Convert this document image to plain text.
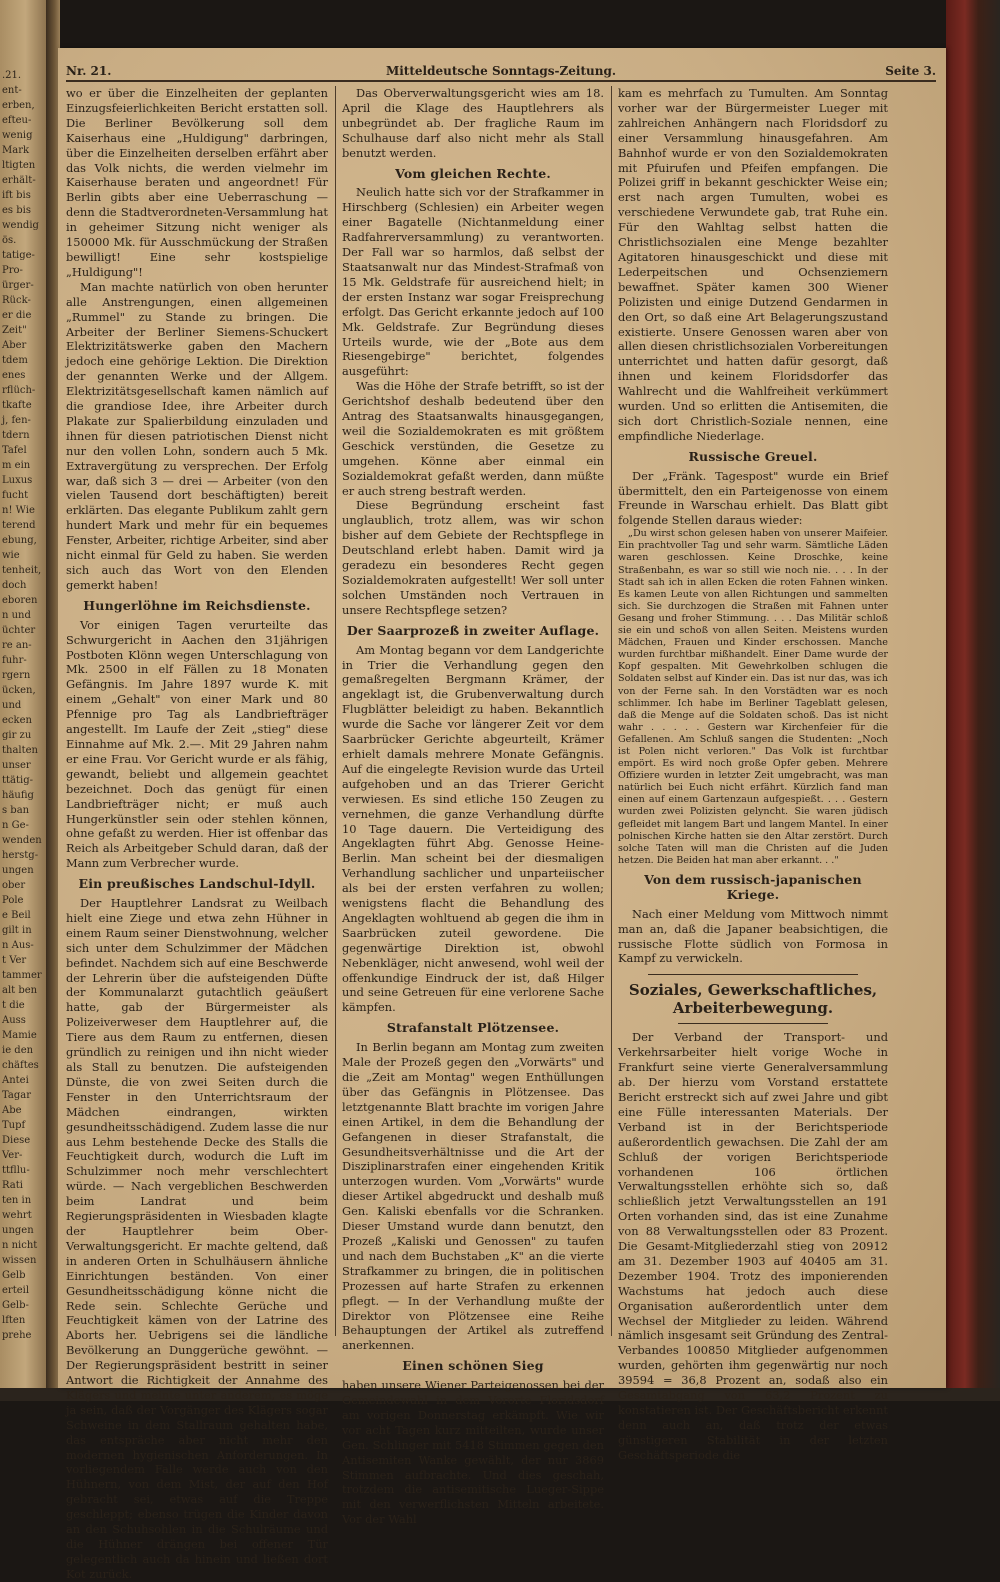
.21.
ent-
erben,
efteu-
wenig
Mark
ltigten
erhält-
ift bis
es bis
wendig
ös.
tatige-
Pro-
ürger-
Rück-
er die
Zeit"
Aber
tdem
enes
rflüch-
tkafte
j, fen-
tdern
Tafel
m ein
Luxus
fucht
n! Wie
terend
ebung,
wie
tenheit,
doch
eboren
n und
üchter
re an-
fuhr-
rgern
ücken,
und
ecken
gir zu
thalten
unser
ttätig-
häufig
s ban
n Ge-
wenden
herstg-
ungen
ober
Pole
e Beil
gilt in
n Aus-
t Ver
tammer
alt ben
t die
Auss
Mamie
ie den
chäftes
Antei
Tagar
Abe
Tupf
Diese
Ver-
ttfllu-
Rati
ten in
wehrt
ungen
n nicht
wissen
Gelb
erteil
Gelb-
lften
prehe
Nr. 21.	Mitteldeutsche Sonntags-Zeitung.	Seite 3.

wo er über die Einzelheiten der geplanten Einzugsfeierlichkeiten Bericht erstatten soll. Die Berliner Bevölkerung soll dem Kaiserhaus eine „Huldigung" darbringen, über die Einzelheiten derselben erfährt aber das Volk nichts, die werden vielmehr im Kaiserhause beraten und angeordnet! Für Berlin gibts aber eine Ueberraschung — denn die Stadtverordneten-Versammlung hat in geheimer Sitzung nicht weniger als 150000 Mk. für Ausschmückung der Straßen bewilligt! Eine sehr kostspielige „Huldigung"!

Man machte natürlich von oben herunter alle Anstrengungen, einen allgemeinen „Rummel" zu Stande zu bringen. Die Arbeiter der Berliner Siemens-Schuckert Elektrizitätswerke gaben den Machern jedoch eine gehörige Lektion. Die Direktion der genannten Werke und der Allgem. Elektrizitätsgesellschaft kamen nämlich auf die grandiose Idee, ihre Arbeiter durch Plakate zur Spalierbildung einzuladen und ihnen für diesen patriotischen Dienst nicht nur den vollen Lohn, sondern auch 5 Mk. Extravergütung zu versprechen. Der Erfolg war, daß sich 3 — drei — Arbeiter (von den vielen Tausend dort beschäftigten) bereit erklärten. Das elegante Publikum zahlt gern hundert Mark und mehr für ein bequemes Fenster, Arbeiter, richtige Arbeiter, sind aber nicht einmal für Geld zu haben. Sie werden sich auch das Wort von den Elenden gemerkt haben!

Hungerlöhne im Reichsdienste.

Vor einigen Tagen verurteilte das Schwurgericht in Aachen den 31jährigen Postboten Klönn wegen Unterschlagung von Mk. 2500 in elf Fällen zu 18 Monaten Gefängnis. Im Jahre 1897 wurde K. mit einem „Gehalt" von einer Mark und 80 Pfennige pro Tag als Landbriefträger angestellt. Im Laufe der Zeit „stieg" diese Einnahme auf Mk. 2.—. Mit 29 Jahren nahm er eine Frau. Vor Gericht wurde er als fähig, gewandt, beliebt und allgemein geachtet bezeichnet. Doch das genügt für einen Landbriefträger nicht; er muß auch Hungerkünstler sein oder stehlen können, ohne gefaßt zu werden. Hier ist offenbar das Reich als Arbeitgeber Schuld daran, daß der Mann zum Verbrecher wurde.

Ein preußisches Landschul-Idyll.

Der Hauptlehrer Landsrat zu Weilbach hielt eine Ziege und etwa zehn Hühner in einem Raum seiner Dienstwohnung, welcher sich unter dem Schulzimmer der Mädchen befindet. Nachdem sich auf eine Beschwerde der Lehrerin über die aufsteigenden Düfte der Kommunalarzt gutachtlich geäußert hatte, gab der Bürgermeister als Polizeiverweser dem Hauptlehrer auf, die Tiere aus dem Raum zu entfernen, diesen gründlich zu reinigen und ihn nicht wieder als Stall zu benutzen. Die aufsteigenden Dünste, die von zwei Seiten durch die Fenster in den Unterrichtsraum der Mädchen eindrangen, wirkten gesundheitsschädigend. Zudem lasse die nur aus Lehm bestehende Decke des Stalls die Feuchtigkeit durch, wodurch die Luft im Schulzimmer noch mehr verschlechtert würde. — Nach vergeblichen Beschwerden beim Landrat und beim Regierungspräsidenten in Wiesbaden klagte der Hauptlehrer beim Ober-Verwaltungsgericht. Er machte geltend, daß in anderen Orten in Schulhäusern ähnliche Einrichtungen beständen. Von einer Gesundheitsschädigung könne nicht die Rede sein. Schlechte Gerüche und Feuchtigkeit kämen von der Latrine des Aborts her. Uebrigens sei die ländliche Bevölkerung an Dunggerüche gewöhnt. — Der Regierungspräsident bestritt in seiner Antwort die Richtigkeit der Annahme des Klägers und meinte unter anderem, es möge ja sein, daß der Vorgänger des Klägers sogar Schweine in dem Stallraum gehalten habe, das entspräche aber nicht mehr den modernen hygienischen Anforderungen. In vorliegendem Falle werde auch von den Hühnern, von dem Mist, der auf den Hof gebracht sei, etwas auf die Treppe geschleppt; ebenso trügen die Kinder davon an den Schuhsohlen in die Schulräume und die Hühner drängen bei offener Tür gelegentlich auch da hinein und ließen dort Kot zurück.

Das Oberverwaltungsgericht wies am 18. April die Klage des Hauptlehrers als unbegründet ab. Der fragliche Raum im Schulhause darf also nicht mehr als Stall benutzt werden.

Vom gleichen Rechte.

Neulich hatte sich vor der Strafkammer in Hirschberg (Schlesien) ein Arbeiter wegen einer Bagatelle (Nichtanmeldung einer Radfahrerversammlung) zu verantworten. Der Fall war so harmlos, daß selbst der Staatsanwalt nur das Mindest-Strafmaß von 15 Mk. Geldstrafe für ausreichend hielt; in der ersten Instanz war sogar Freisprechung erfolgt. Das Gericht erkannte jedoch auf 100 Mk. Geldstrafe. Zur Begründung dieses Urteils wurde, wie der „Bote aus dem Riesengebirge" berichtet, folgendes ausgeführt:

Was die Höhe der Strafe betrifft, so ist der Gerichtshof deshalb bedeutend über den Antrag des Staatsanwalts hinausgegangen, weil die Sozialdemokraten es mit größtem Geschick verstünden, die Gesetze zu umgehen. Könne aber einmal ein Sozialdemokrat gefaßt werden, dann müßte er auch streng bestraft werden.

Diese Begründung erscheint fast unglaublich, trotz allem, was wir schon bisher auf dem Gebiete der Rechtspflege in Deutschland erlebt haben. Damit wird ja geradezu ein besonderes Recht gegen Sozialdemokraten aufgestellt! Wer soll unter solchen Umständen noch Vertrauen in unsere Rechtspflege setzen?

Der Saarprozeß in zweiter Auflage.

Am Montag begann vor dem Landgerichte in Trier die Verhandlung gegen den gemaßregelten Bergmann Krämer, der angeklagt ist, die Grubenverwaltung durch Flugblätter beleidigt zu haben. Bekanntlich wurde die Sache vor längerer Zeit vor dem Saarbrücker Gerichte abgeurteilt, Krämer erhielt damals mehrere Monate Gefängnis. Auf die eingelegte Revision wurde das Urteil aufgehoben und an das Trierer Gericht verwiesen. Es sind etliche 150 Zeugen zu vernehmen, die ganze Verhandlung dürfte 10 Tage dauern. Die Verteidigung des Angeklagten führt Abg. Genosse Heine-Berlin. Man scheint bei der diesmaligen Verhandlung sachlicher und unparteiischer als bei der ersten verfahren zu wollen; wenigstens flacht die Behandlung des Angeklagten wohltuend ab gegen die ihm in Saarbrücken zuteil gewordene. Die gegenwärtige Direktion ist, obwohl Nebenkläger, nicht anwesend, wohl weil der offenkundige Eindruck der ist, daß Hilger und seine Getreuen für eine verlorene Sache kämpfen.

Strafanstalt Plötzensee.

In Berlin begann am Montag zum zweiten Male der Prozeß gegen den „Vorwärts" und die „Zeit am Montag" wegen Enthüllungen über das Gefängnis in Plötzensee. Das letztgenannte Blatt brachte im vorigen Jahre einen Artikel, in dem die Behandlung der Gefangenen in dieser Strafanstalt, die Gesundheitsverhältnisse und die Art der Disziplinarstrafen einer eingehenden Kritik unterzogen wurden. Vom „Vorwärts" wurde dieser Artikel abgedruckt und deshalb muß Gen. Kaliski ebenfalls vor die Schranken. Dieser Umstand wurde dann benutzt, den Prozeß „Kaliski und Genossen" zu taufen und nach dem Buchstaben „K" an die vierte Strafkammer zu bringen, die in politischen Prozessen auf harte Strafen zu erkennen pflegt. — In der Verhandlung mußte der Direktor von Plötzensee eine Reihe Behauptungen der Artikel als zutreffend anerkennen.

Einen schönen Sieg

haben unsere Wiener Parteigenossen bei der Gemeindewahl in dem Vororte Floridsdorf am vorigen Donnerstag erkämpft. Wie wir vor acht Tagen kurz mitteilten, wurde unser Gen. Schlinger mit 5418 Stimmen gegen den Antisemiten Wanke gewählt, der nur 3869 Stimmen aufbrachte. Und dies geschah, trotzdem die antisemitische Lueger-Sippe mit den verwerflichsten Mitteln arbeitete. Vor der Wahl

kam es mehrfach zu Tumulten. Am Sonntag vorher war der Bürgermeister Lueger mit zahlreichen Anhängern nach Floridsdorf zu einer Versammlung hinausgefahren. Am Bahnhof wurde er von den Sozialdemokraten mit Pfuirufen und Pfeifen empfangen. Die Polizei griff in bekannt geschickter Weise ein; erst nach argen Tumulten, wobei es verschiedene Verwundete gab, trat Ruhe ein. Für den Wahltag selbst hatten die Christlichsozialen eine Menge bezahlter Agitatoren hinausgeschickt und diese mit Lederpeitschen und Ochsenziemern bewaffnet. Später kamen 300 Wiener Polizisten und einige Dutzend Gendarmen in den Ort, so daß eine Art Belagerungszustand existierte. Unsere Genossen waren aber von allen diesen christlichsozialen Vorbereitungen unterrichtet und hatten dafür gesorgt, daß ihnen und keinem Floridsdorfer das Wahlrecht und die Wahlfreiheit verkümmert wurden. Und so erlitten die Antisemiten, die sich dort Christlich-Soziale nennen, eine empfindliche Niederlage.

Russische Greuel.

Der „Fränk. Tagespost" wurde ein Brief übermittelt, den ein Parteigenosse von einem Freunde in Warschau erhielt. Das Blatt gibt folgende Stellen daraus wieder:

„Du wirst schon gelesen haben von unserer Maifeier. Ein prachtvoller Tag und sehr warm. Sämtliche Läden waren geschlossen. Keine Droschke, keine Straßenbahn, es war so still wie noch nie. . . . In der Stadt sah ich in allen Ecken die roten Fahnen winken. Es kamen Leute von allen Richtungen und sammelten sich. Sie durchzogen die Straßen mit Fahnen unter Gesang und froher Stimmung. . . . Das Militär schloß sie ein und schoß von allen Seiten. Meistens wurden Mädchen, Frauen und Kinder erschossen. Manche wurden furchtbar mißhandelt. Einer Dame wurde der Kopf gespalten. Mit Gewehrkolben schlugen die Soldaten selbst auf Kinder ein. Das ist nur das, was ich von der Ferne sah. In den Vorstädten war es noch schlimmer. Ich habe im Berliner Tageblatt gelesen, daß die Menge auf die Soldaten schoß. Das ist nicht wahr . . . . . Gestern war Kirchenfeier für die Gefallenen. Am Schluß sangen die Studenten: „Noch ist Polen nicht verloren." Das Volk ist furchtbar empört. Es wird noch große Opfer geben. Mehrere Offiziere wurden in letzter Zeit umgebracht, was man natürlich bei Euch nicht erfährt. Kürzlich fand man einen auf einem Gartenzaun aufgespießt. . . . Gestern wurden zwei Polizisten gelyncht. Sie waren jüdisch gefleidet mit langem Bart und langem Mantel. In einer polnischen Kirche hatten sie den Altar zerstört. Durch solche Taten will man die Christen auf die Juden hetzen. Die Beiden hat man aber erkannt. . ."

Von dem russisch-japanischen Kriege.

Nach einer Meldung vom Mittwoch nimmt man an, daß die Japaner beabsichtigen, die russische Flotte südlich von Formosa in Kampf zu verwickeln.

Soziales, Gewerkschaftliches, Arbeiterbewegung.

Der Verband der Transport- und Verkehrsarbeiter hielt vorige Woche in Frankfurt seine vierte Generalversammlung ab. Der hierzu vom Vorstand erstattete Bericht erstreckt sich auf zwei Jahre und gibt eine Fülle interessanten Materials. Der Verband ist in der Berichtsperiode außerordentlich gewachsen. Die Zahl der am Schluß der vorigen Berichtsperiode vorhandenen 106 örtlichen Verwaltungsstellen erhöhte sich so, daß schließlich jetzt Verwaltungsstellen an 191 Orten vorhanden sind, das ist eine Zunahme von 88 Verwaltungsstellen oder 83 Prozent. Die Gesamt-Mitgliederzahl stieg von 20912 am 31. Dezember 1903 auf 40405 am 31. Dezember 1904. Trotz des imponierenden Wachstums hat jedoch auch diese Organisation außerordentlich unter dem Wechsel der Mitglieder zu leiden. Während nämlich insgesamt seit Gründung des Zentral-Verbandes 100850 Mitglieder aufgenommen wurden, gehörten ihm gegenwärtig nur noch 39594 = 36,8 Prozent an, sodaß also ein Gesamtabgang von 63,2 Prozent zu konstatieren ist. Der Geschäftsbericht erkennt denn auch an, daß trotz der etwas günstigeren Stabilität in der letzten Geschäftsperiode die
